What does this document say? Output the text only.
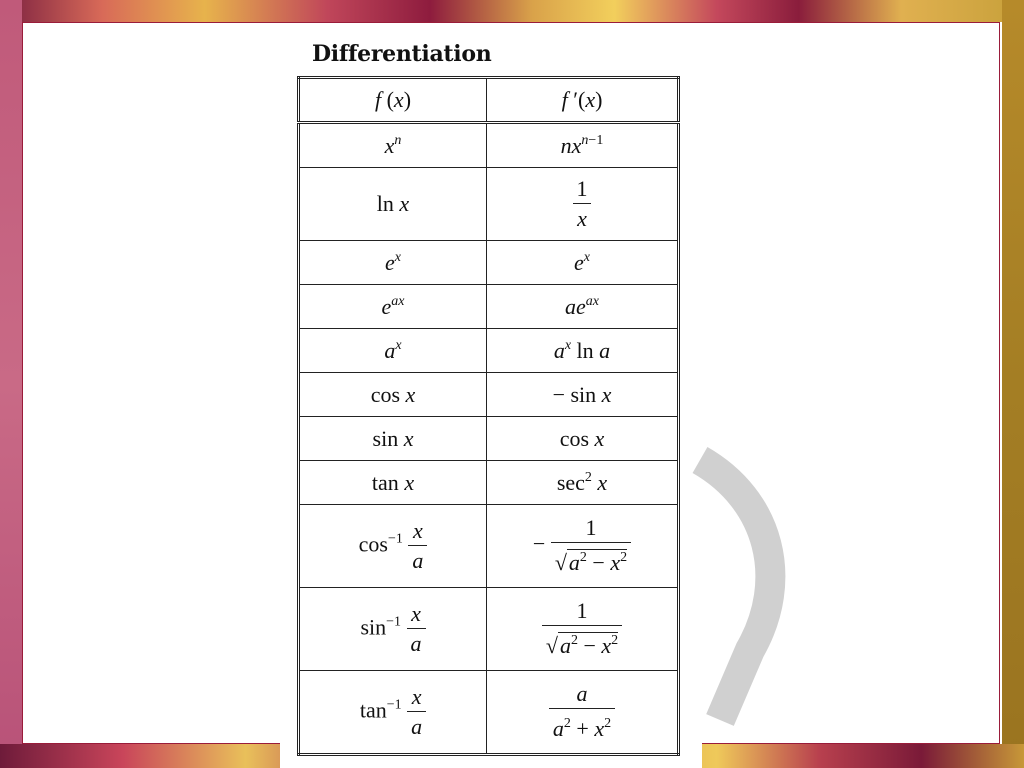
Differentiation
f (x)	f ′(x)
$x^n$	$nx^{n-1}$
ln x	$\frac{1}{x}$

$e^x$	$e^x$
$e^{ax}$	$ae^{ax}$
$a^x$	$a^x$ ln a
cos x	− sin x
sin x	cos x
tan x	$\sec^2 x$
$\cos^{-1} \frac{x}{a}$	− $\frac{1}{√a^2 - x^2}$

$\sin^{-1} \frac{x}{a}$	$\frac{1}{√a^2 - x^2}$

$\tan^{-1} \frac{x}{a}$	$\frac{a}{a^2 + x^2}$
